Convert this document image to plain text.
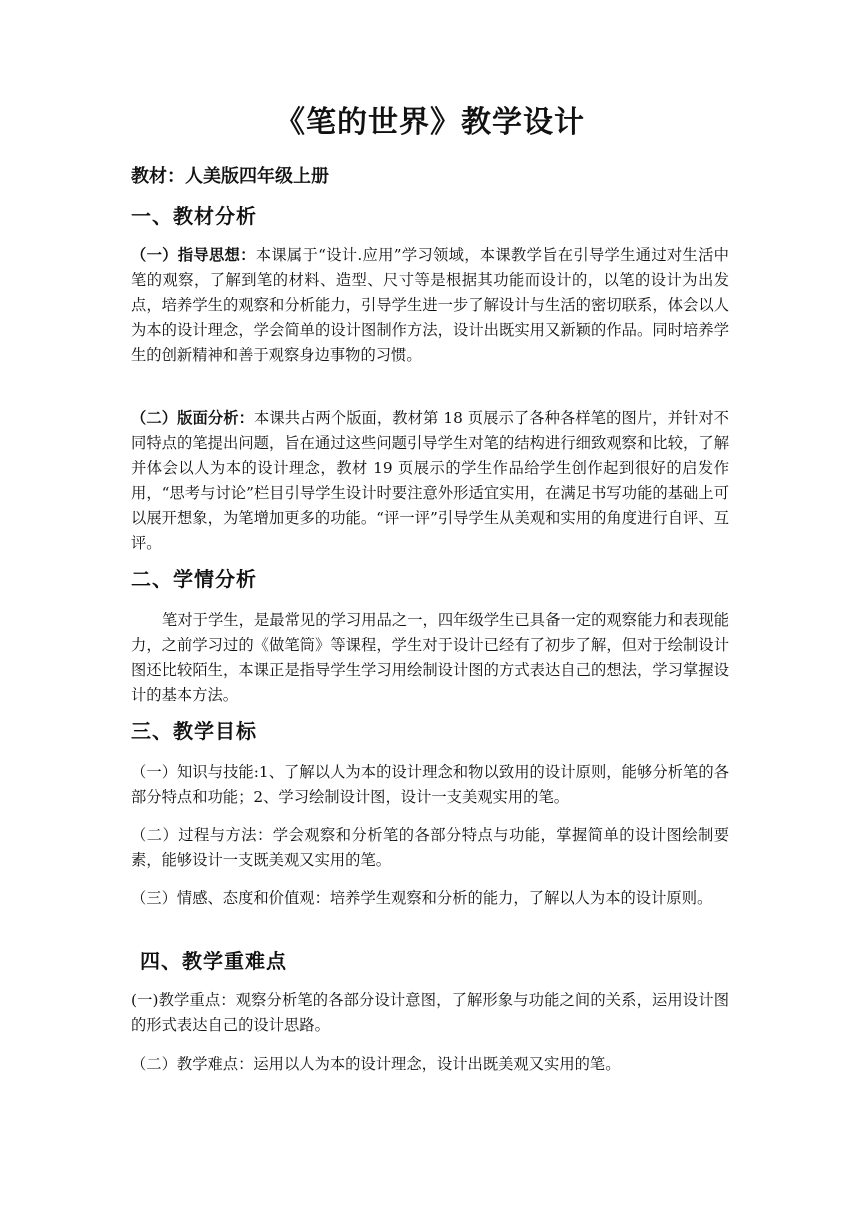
《笔的世界》教学设计
教材：人美版四年级上册
一、教材分析
（一）指导思想：本课属于“设计.应用”学习领域，本课教学旨在引导学生通过对生活中笔的观察，了解到笔的材料、造型、尺寸等是根据其功能而设计的，以笔的设计为出发点，培养学生的观察和分析能力，引导学生进一步了解设计与生活的密切联系，体会以人为本的设计理念，学会简单的设计图制作方法，设计出既实用又新颖的作品。同时培养学生的创新精神和善于观察身边事物的习惯。
（二）版面分析：本课共占两个版面，教材第 18 页展示了各种各样笔的图片，并针对不同特点的笔提出问题，旨在通过这些问题引导学生对笔的结构进行细致观察和比较，了解并体会以人为本的设计理念，教材 19 页展示的学生作品给学生创作起到很好的启发作用，“思考与讨论”栏目引导学生设计时要注意外形适宜实用，在满足书写功能的基础上可以展开想象，为笔增加更多的功能。“评一评”引导学生从美观和实用的角度进行自评、互评。
二、学情分析
笔对于学生，是最常见的学习用品之一，四年级学生已具备一定的观察能力和表现能力，之前学习过的《做笔筒》等课程，学生对于设计已经有了初步了解，但对于绘制设计图还比较陌生，本课正是指导学生学习用绘制设计图的方式表达自己的想法，学习掌握设计的基本方法。
三、教学目标
（一）知识与技能:1、了解以人为本的设计理念和物以致用的设计原则，能够分析笔的各部分特点和功能；2、学习绘制设计图，设计一支美观实用的笔。
（二）过程与方法：学会观察和分析笔的各部分特点与功能，掌握简单的设计图绘制要素，能够设计一支既美观又实用的笔。
（三）情感、态度和价值观：培养学生观察和分析的能力，了解以人为本的设计原则。
四、教学重难点
(一)教学重点：观察分析笔的各部分设计意图，了解形象与功能之间的关系，运用设计图的形式表达自己的设计思路。
（二）教学难点：运用以人为本的设计理念，设计出既美观又实用的笔。
